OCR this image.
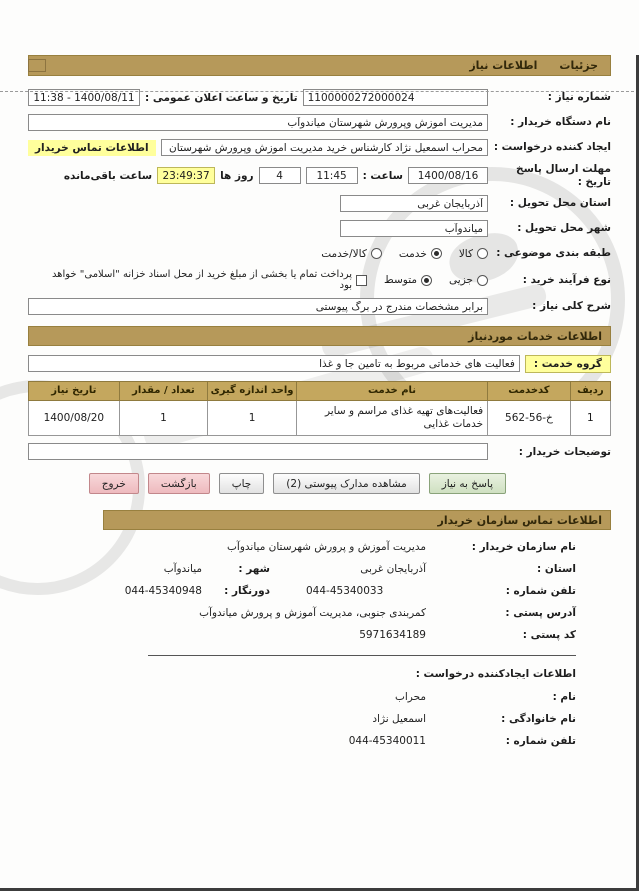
جزئیات
اطلاعات نیاز
شماره نیاز :
1100000272000024
تاریخ و ساعت اعلان عمومی :
1400/08/11 - 11:38
نام دستگاه خریدار :
مدیریت اموزش وپرورش شهرستان میاندوآب
ایجاد کننده درخواست :
محراب اسمعیل نژاد کارشناس خرید مدیریت اموزش وپرورش شهرستان میاندوآب
اطلاعات تماس خریدار
مهلت ارسال پاسخ تاریخ :
1400/08/16
ساعت :
11:45
4
روز ها
23:49:37
ساعت باقی‌مانده
استان محل تحویل :
آذربایجان غربی
شهر محل تحویل :
میاندوآب
طبقه بندی موضوعی :
کالا
خدمت
کالا/خدمت
نوع فرآیند خرید :
جزیی
متوسط
پرداخت تمام یا بخشی از مبلغ خرید از محل اسناد خزانه "اسلامی" خواهد بود
شرح کلی نیاز :
برابر مشخصات مندرج در برگ پیوستی
اطلاعات خدمات موردنیاز
گروه خدمت :
فعالیت های خدماتی مربوط به تامین جا و غذا
ردیف	کدخدمت	نام خدمت	واحد اندازه گیری	تعداد / مقدار	تاریخ نیاز
1	خ-56-562	فعالیت‌های تهیه غذای مراسم و سایر خدمات غذایی	1	1	1400/08/20
توضیحات خریدار :
پاسخ به نیاز
مشاهده مدارک پیوستی (2)
چاپ
بازگشت
خروج
اطلاعات تماس سازمان خریدار
نام سازمان خریدار :
مدیریت آموزش و پرورش شهرستان میاندوآب
استان :
آذربایجان غربی
شهر :
میاندوآب
تلفن شماره :
044-45340033
دورنگار :
044-45340948
آدرس پستی :
کمربندی جنوبی، مدیریت آموزش و پرورش میاندوآب
کد پستی :
5971634189
اطلاعات ایجادکننده درخواست :
نام :
محراب
نام خانوادگی :
اسمعیل نژاد
تلفن شماره :
044-45340011
